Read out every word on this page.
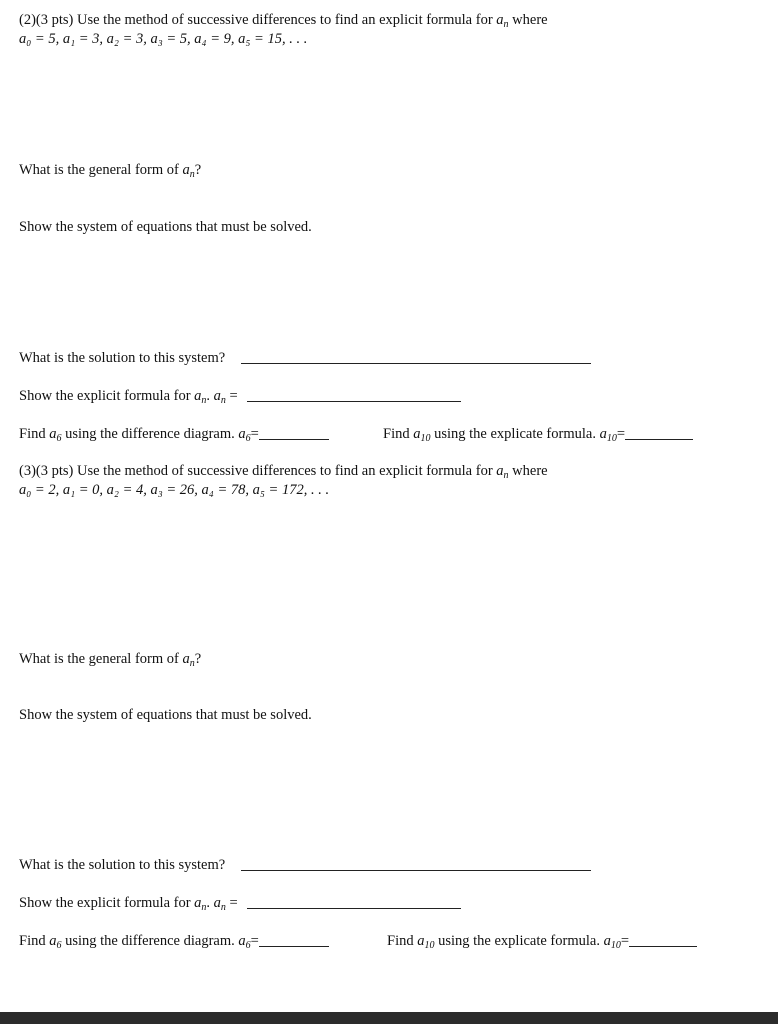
(2)(3 pts) Use the method of successive differences to find an explicit formula for $a_n$ where
a₀ = 5, a₁ = 3, a₂ = 3, a₃ = 5, a₄ = 9, a₅ = 15, . . .
What is the general form of $a_n$?
Show the system of equations that must be solved.
What is the solution to this system?
Show the explicit formula for $a_n$. $a_n$ =
Find $a_6$ using the difference diagram. $a_6=$	Find $a_{10}$ using the explicate formula. $a_{10}=$
(3)(3 pts) Use the method of successive differences to find an explicit formula for $a_n$ where
a₀ = 2, a₁ = 0, a₂ = 4, a₃ = 26, a₄ = 78, a₅ = 172, . . .
What is the general form of $a_n$?
Show the system of equations that must be solved.
What is the solution to this system?
Show the explicit formula for $a_n$. $a_n$ =
Find $a_6$ using the difference diagram. $a_6=$	Find $a_{10}$ using the explicate formula. $a_{10}=$
